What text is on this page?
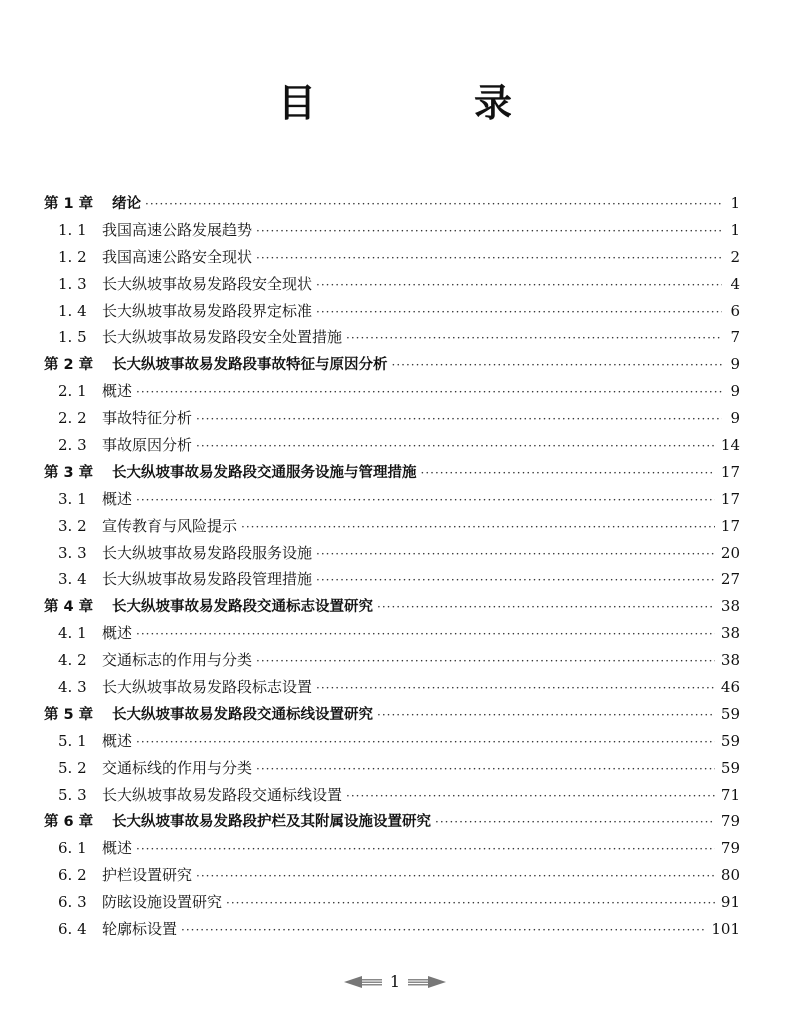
目　录
第 1 章	绪论 ·····	1
1. 1	我国高速公路发展趋势 ·····	1
1. 2	我国高速公路安全现状 ·····	2
1. 3	长大纵坡事故易发路段安全现状 ·····	4
1. 4	长大纵坡事故易发路段界定标准 ·····	6
1. 5	长大纵坡事故易发路段安全处置措施 ·····	7
第 2 章	长大纵坡事故易发路段事故特征与原因分析 ·····	9
2. 1	概述 ·····	9
2. 2	事故特征分析 ·····	9
2. 3	事故原因分析 ·····	14
第 3 章	长大纵坡事故易发路段交通服务设施与管理措施 ·····	17
3. 1	概述 ·····	17
3. 2	宣传教育与风险提示 ·····	17
3. 3	长大纵坡事故易发路段服务设施 ·····	20
3. 4	长大纵坡事故易发路段管理措施 ·····	27
第 4 章	长大纵坡事故易发路段交通标志设置研究 ·····	38
4. 1	概述 ·····	38
4. 2	交通标志的作用与分类 ·····	38
4. 3	长大纵坡事故易发路段标志设置 ·····	46
第 5 章	长大纵坡事故易发路段交通标线设置研究 ·····	59
5. 1	概述 ·····	59
5. 2	交通标线的作用与分类 ·····	59
5. 3	长大纵坡事故易发路段交通标线设置 ·····	71
第 6 章	长大纵坡事故易发路段护栏及其附属设施设置研究 ·····	79
6. 1	概述 ·····	79
6. 2	护栏设置研究 ·····	80
6. 3	防眩设施设置研究 ·····	91
6. 4	轮廓标设置 ·····	101
1
